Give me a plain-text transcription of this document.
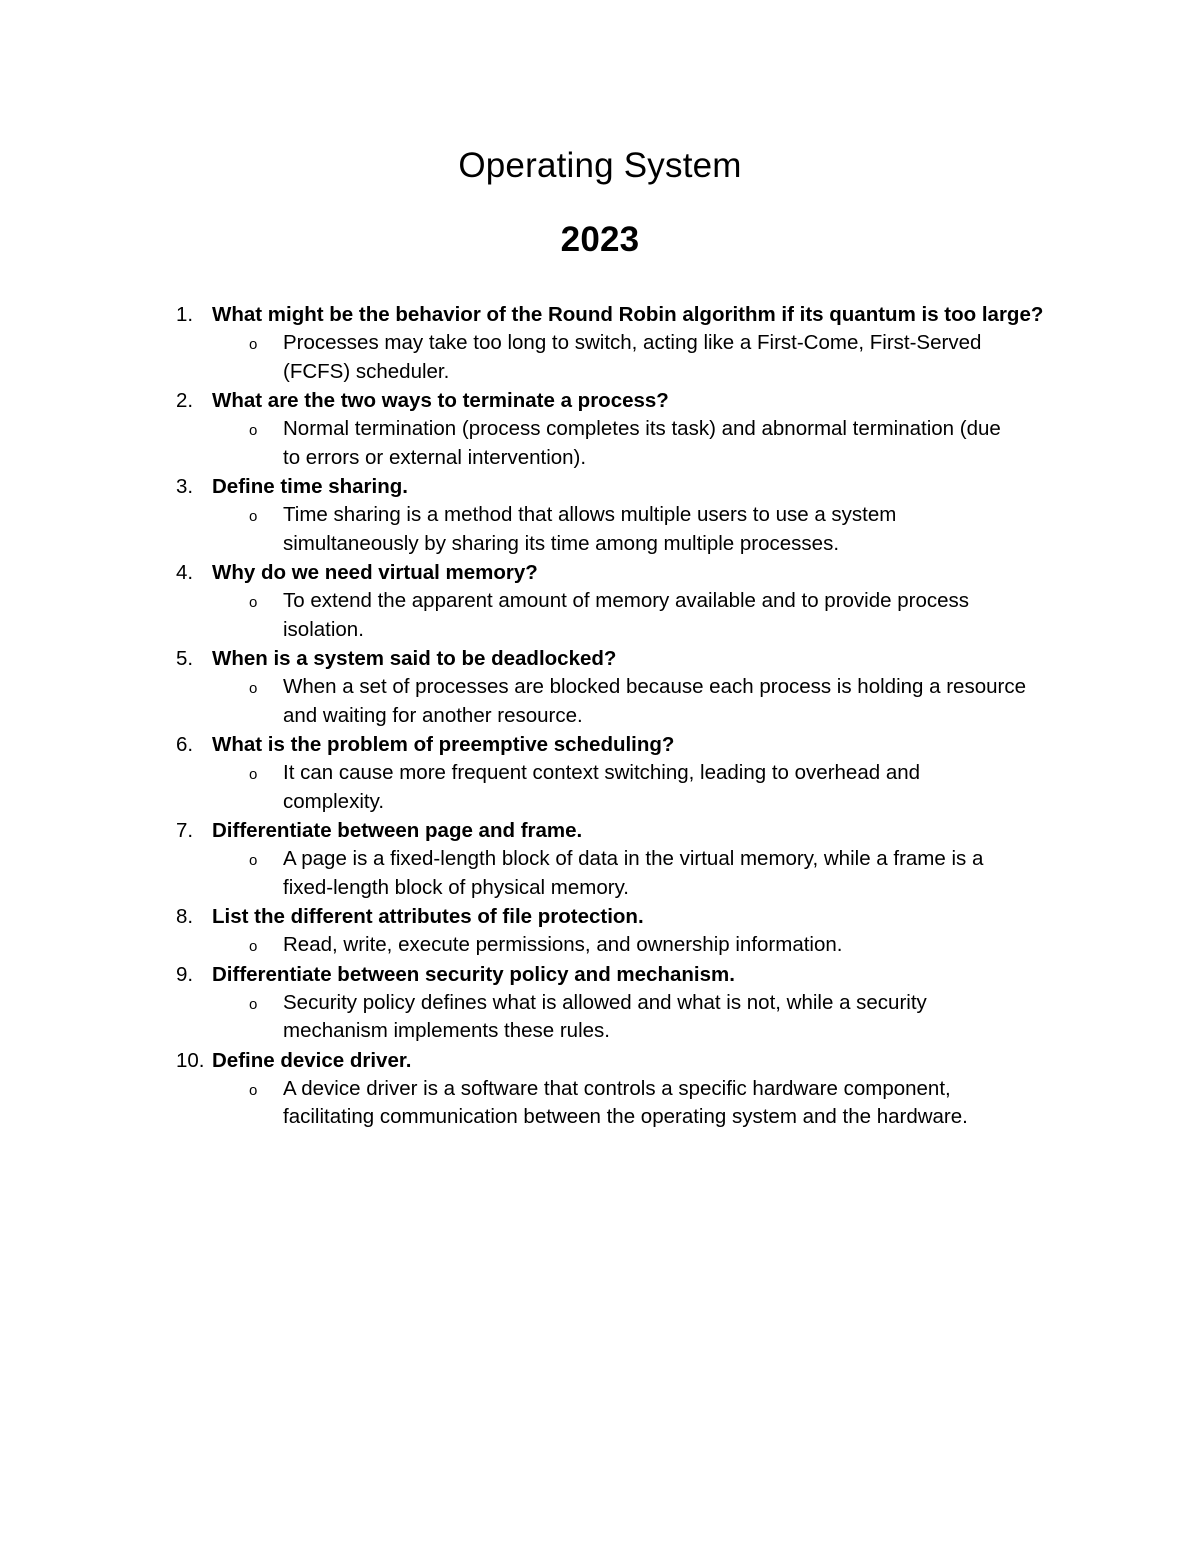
Operating System
2023
1. What might be the behavior of the Round Robin algorithm if its quantum is too large?
o Processes may take too long to switch, acting like a First-Come, First-Served
(FCFS) scheduler.
2. What are the two ways to terminate a process?
o Normal termination (process completes its task) and abnormal termination (due
to errors or external intervention).
3. Define time sharing.
o Time sharing is a method that allows multiple users to use a system
simultaneously by sharing its time among multiple processes.
4. Why do we need virtual memory?
o To extend the apparent amount of memory available and to provide process
isolation.
5. When is a system said to be deadlocked?
o When a set of processes are blocked because each process is holding a resource
and waiting for another resource.
6. What is the problem of preemptive scheduling?
o It can cause more frequent context switching, leading to overhead and
complexity.
7. Differentiate between page and frame.
o A page is a fixed-length block of data in the virtual memory, while a frame is a
fixed-length block of physical memory.
8. List the different attributes of file protection.
o Read, write, execute permissions, and ownership information.
9. Differentiate between security policy and mechanism.
o Security policy defines what is allowed and what is not, while a security
mechanism implements these rules.
10. Define device driver.
o A device driver is a software that controls a specific hardware component,
facilitating communication between the operating system and the hardware.
